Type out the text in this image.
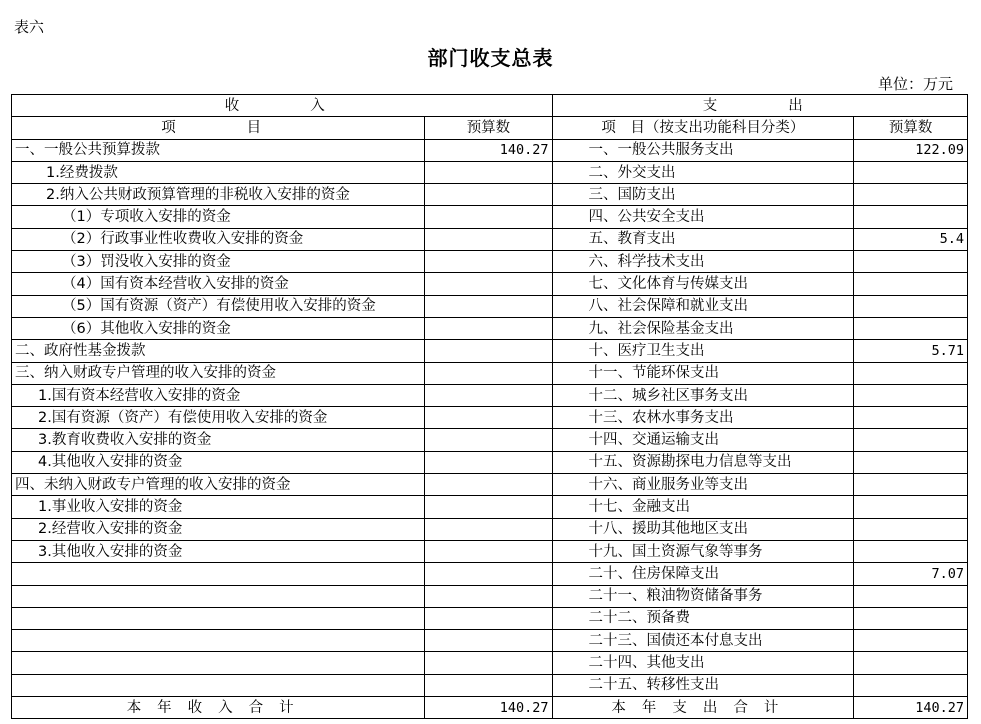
表六
部门收支总表
单位：万元
收　　入		支　　出	
项　　目	预算数	项　目（按支出功能科目分类）	预算数
一、一般公共预算拨款	140.27	一、一般公共服务支出	122.09
1.经费拨款		二、外交支出	
2.纳入公共财政预算管理的非税收入安排的资金		三、国防支出	
（1）专项收入安排的资金		四、公共安全支出	
（2）行政事业性收费收入安排的资金		五、教育支出	5.4
（3）罚没收入安排的资金		六、科学技术支出	
（4）国有资本经营收入安排的资金		七、文化体育与传媒支出	
（5）国有资源（资产）有偿使用收入安排的资金		八、社会保障和就业支出	
（6）其他收入安排的资金		九、社会保险基金支出	
二、政府性基金拨款		十、医疗卫生支出	5.71
三、纳入财政专户管理的收入安排的资金		十一、节能环保支出	
1.国有资本经营收入安排的资金		十二、城乡社区事务支出	
2.国有资源（资产）有偿使用收入安排的资金		十三、农林水事务支出	
3.教育收费收入安排的资金		十四、交通运输支出	
4.其他收入安排的资金		十五、资源勘探电力信息等支出	
四、未纳入财政专户管理的收入安排的资金		十六、商业服务业等支出	
1.事业收入安排的资金		十七、金融支出	
2.经营收入安排的资金		十八、援助其他地区支出	
3.其他收入安排的资金		十九、国土资源气象等事务	
		二十、住房保障支出	7.07
		二十一、粮油物资储备事务	
		二十二、预备费	
		二十三、国债还本付息支出	
		二十四、其他支出	
		二十五、转移性支出	
本年收入合计	140.27	本年支出合计	140.27
